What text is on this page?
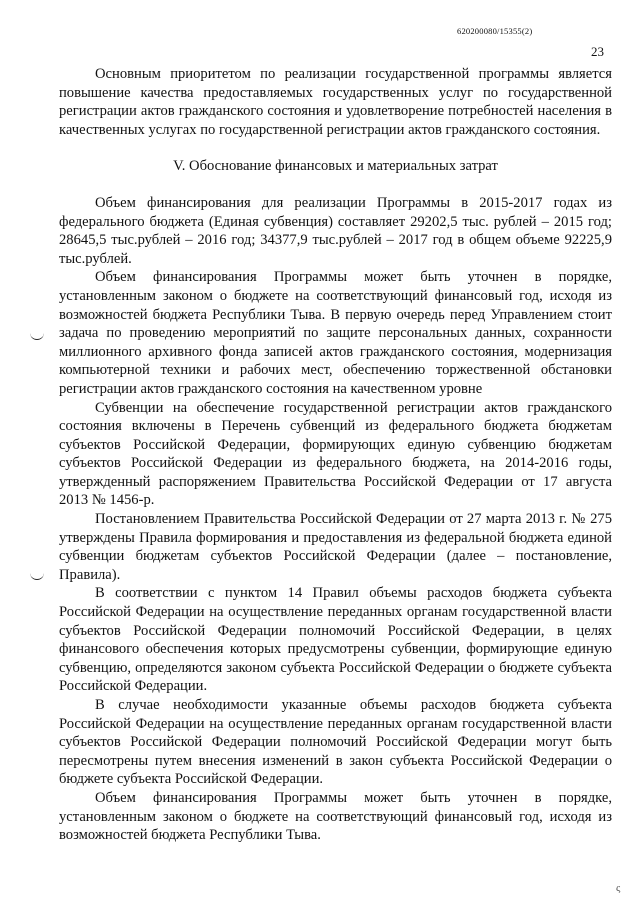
620200080/15355(2)
23
ς

Основным приоритетом по реализации государственной программы является повышение качества предоставляемых государственных услуг по государственной регистрации актов гражданского состояния и удовлетворение потребностей населения в качественных услугах по государственной регистрации актов гражданского состояния.

V. Обоснование финансовых и материальных затрат

Объем финансирования для реализации Программы в 2015-2017 годах из федерального бюджета (Единая субвенция) составляет 29202,5 тыс. рублей – 2015 год; 28645,5 тыс.рублей – 2016 год; 34377,9 тыс.рублей – 2017 год в общем объеме 92225,9 тыс.рублей.

Объем финансирования Программы может быть уточнен в порядке, установленным законом о бюджете на соответствующий финансовый год, исходя из возможностей бюджета Республики Тыва. В первую очередь перед Управлением стоит задача по проведению мероприятий по защите персональных данных, сохранности миллионного архивного фонда записей актов гражданского состояния, модернизация компьютерной техники и рабочих мест, обеспечению торжественной обстановки регистрации актов гражданского состояния на качественном уровне

Субвенции на обеспечение государственной регистрации актов гражданского состояния включены в Перечень субвенций из федерального бюджета бюджетам субъектов Российской Федерации, формирующих единую субвенцию бюджетам субъектов Российской Федерации из федерального бюджета, на 2014-2016 годы, утвержденный распоряжением Правительства Российской Федерации от 17 августа 2013 № 1456-р.

Постановлением Правительства Российской Федерации от 27 марта 2013 г. № 275 утверждены Правила формирования и предоставления из федеральной бюджета единой субвенции бюджетам субъектов Российской Федерации (далее – постановление, Правила).

В соответствии с пунктом 14 Правил объемы расходов бюджета субъекта Российской Федерации на осуществление переданных органам государственной власти субъектов Российской Федерации полномочий Российской Федерации, в целях финансового обеспечения которых предусмотрены субвенции, формирующие единую субвенцию, определяются законом субъекта Российской Федерации о бюджете субъекта Российской Федерации.

В случае необходимости указанные объемы расходов бюджета субъекта Российской Федерации на осуществление переданных органам государственной власти субъектов Российской Федерации полномочий Российской Федерации могут быть пересмотрены путем внесения изменений в закон субъекта Российской Федерации о бюджете субъекта Российской Федерации.

Объем финансирования Программы может быть уточнен в порядке, установленным законом о бюджете на соответствующий финансовый год, исходя из возможностей бюджета Республики Тыва.
